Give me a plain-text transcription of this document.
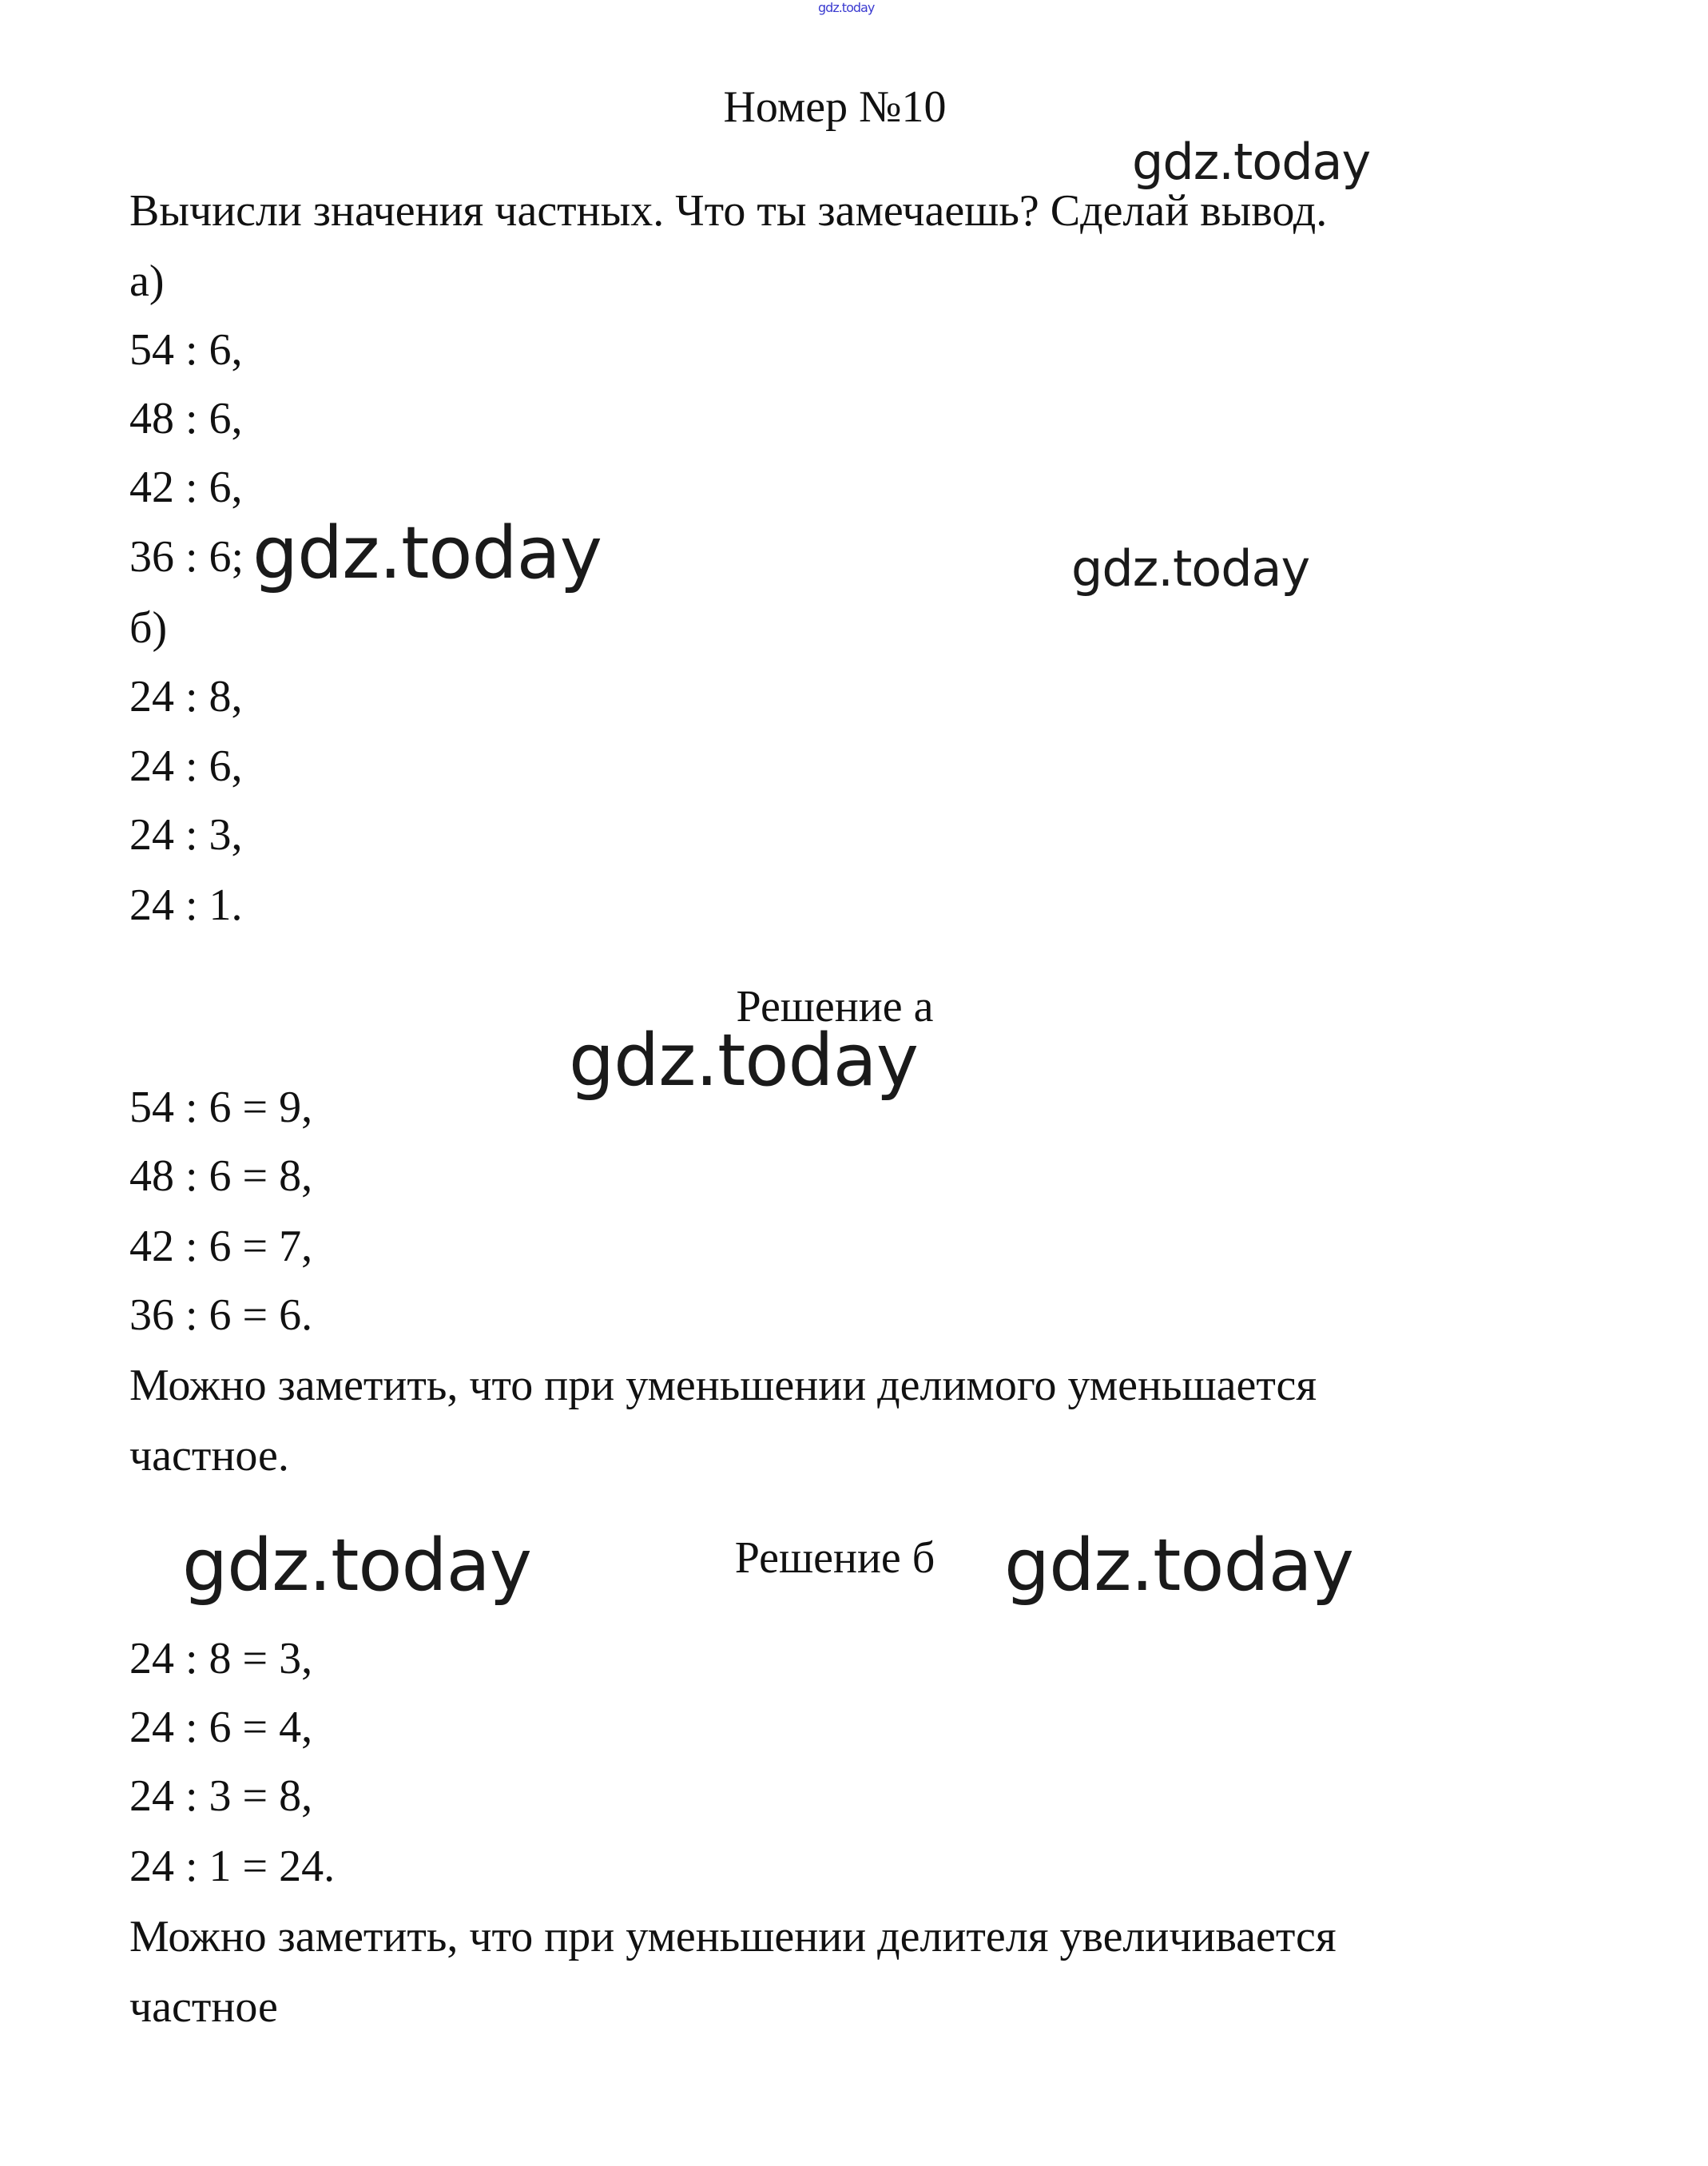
gdz.today
Номер №10
gdz.today
Вычисли значения частных. Что ты замечаешь? Сделай вывод.
а)
54 : 6,
48 : 6,
42 : 6,
36 : 6; gdz.today	gdz.today
б)
24 : 8,
24 : 6,
24 : 3,
24 : 1.
Решение а
gdz.today
54 : 6 = 9,
48 : 6 = 8,
42 : 6 = 7,
36 : 6 = 6.
Можно заметить, что при уменьшении делимого уменьшается
частное.
gdz.today	Решение б gdz.today
24 : 8 = 3,
24 : 6 = 4,
24 : 3 = 8,
24 : 1 = 24.
Можно заметить, что при уменьшении делителя увеличивается
частное
